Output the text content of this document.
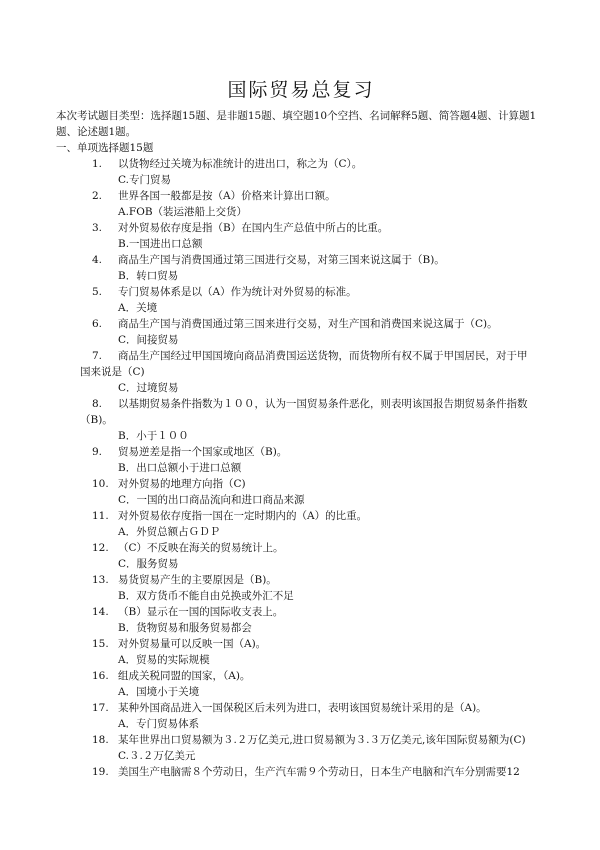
国际贸易总复习

本次考试题目类型：选择题15题、是非题15题、填空题10个空挡、名词解释5题、简答题4题、计算题1题、论述题1题。

一、单项选择题15题

1.	以货物经过关境为标准统计的进出口，称之为（C）。
C.专门贸易
2.	世界各国一般都是按（A）价格来计算出口额。
A.FOB（装运港船上交货）
3.	对外贸易依存度是指（B）在国内生产总值中所占的比重。
B.一国进出口总额
4.	商品生产国与消费国通过第三国进行交易，对第三国来说这属于（B)。
B．转口贸易
5.	专门贸易体系是以（A）作为统计对外贸易的标准。
A．关境
6.	商品生产国与消费国通过第三国来进行交易，对生产国和消费国来说这属于（C)。
C．间接贸易
7.	商品生产国经过甲国国境向商品消费国运送货物，而货物所有权不属于甲国居民，对于甲
国来说是（C)
C．过境贸易
8.	以基期贸易条件指数为１００，认为一国贸易条件恶化，则表明该国报告期贸易条件指数
（B)。
B．小于１００
9.	贸易逆差是指一个国家或地区（B)。
B．出口总额小于进口总额
10. 对外贸易的地理方向指（C)
C．一国的出口商品流向和进口商品来源
11. 对外贸易依存度指一国在一定时期内的（A）的比重。
A．外贸总额占ＧＤＰ
12. （C）不反映在海关的贸易统计上。
C．服务贸易
13. 易货贸易产生的主要原因是（B)。
B．双方货币不能自由兑换或外汇不足
14. （B）显示在一国的国际收支表上。
B．货物贸易和服务贸易都会
15. 对外贸易量可以反映一国（A)。
A．贸易的实际规模
16. 组成关税同盟的国家，（A)。
A．国境小于关境
17. 某种外国商品进入一国保税区后未列为进口，表明该国贸易统计采用的是（A)。
A．专门贸易体系
18. 某年世界出口贸易额为３.２万亿美元,进口贸易额为３.３万亿美元,该年国际贸易额为(C)
C.３.２万亿美元
19. 美国生产电脑需８个劳动日，生产汽车需９个劳动日，日本生产电脑和汽车分别需要12
